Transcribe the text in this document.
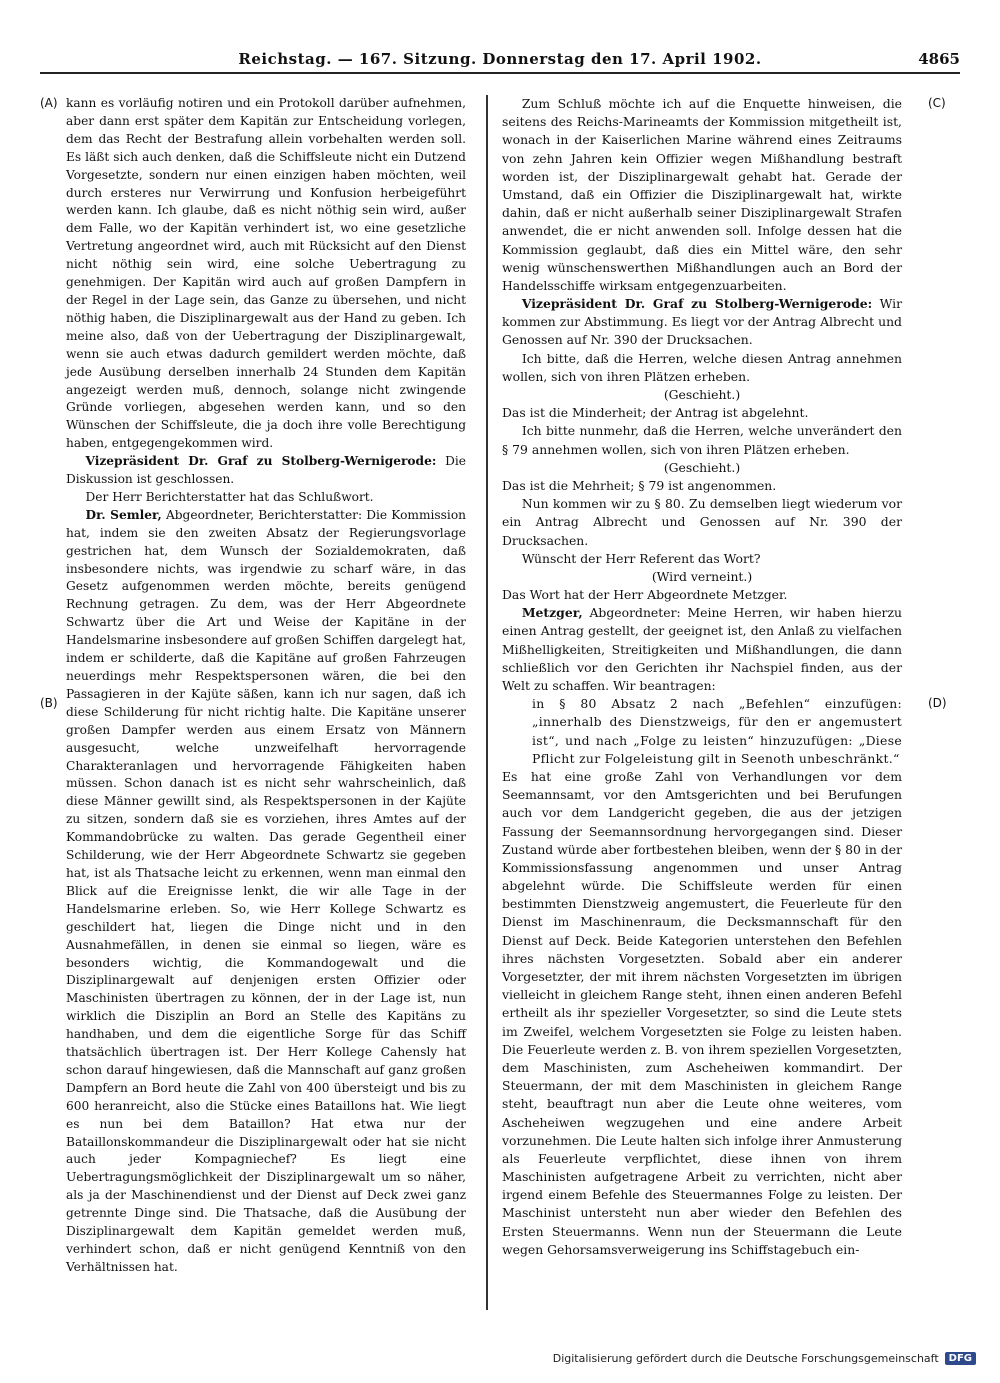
Reichstag. — 167. Sitzung. Donnerstag den 17. April 1902.	4865
(A)
(B)
(C)
(D)

kann es vorläufig notiren und ein Protokoll darüber aufnehmen, aber dann erst später dem Kapitän zur Entscheidung vorlegen, dem das Recht der Bestrafung allein vorbehalten werden soll. Es läßt sich auch denken, daß die Schiffsleute nicht ein Dutzend Vorgesetzte, sondern nur einen einzigen haben möchten, weil durch ersteres nur Verwirrung und Konfusion herbeigeführt werden kann. Ich glaube, daß es nicht nöthig sein wird, außer dem Falle, wo der Kapitän verhindert ist, wo eine gesetzliche Vertretung angeordnet wird, auch mit Rücksicht auf den Dienst nicht nöthig sein wird, eine solche Uebertragung zu genehmigen. Der Kapitän wird auch auf großen Dampfern in der Regel in der Lage sein, das Ganze zu übersehen, und nicht nöthig haben, die Disziplinargewalt aus der Hand zu geben. Ich meine also, daß von der Uebertragung der Disziplinargewalt, wenn sie auch etwas dadurch gemildert werden möchte, daß jede Ausübung derselben innerhalb 24 Stunden dem Kapitän angezeigt werden muß, dennoch, solange nicht zwingende Gründe vorliegen, abgesehen werden kann, und so den Wünschen der Schiffsleute, die ja doch ihre volle Berechtigung haben, entgegengekommen wird.

Vizepräsident Dr. Graf zu Stolberg-Wernigerode: Die Diskussion ist geschlossen.

Der Herr Berichterstatter hat das Schlußwort.

Dr. Semler, Abgeordneter, Berichterstatter: Die Kommission hat, indem sie den zweiten Absatz der Regierungsvorlage gestrichen hat, dem Wunsch der Sozialdemokraten, daß insbesondere nichts, was irgendwie zu scharf wäre, in das Gesetz aufgenommen werden möchte, bereits genügend Rechnung getragen. Zu dem, was der Herr Abgeordnete Schwartz über die Art und Weise der Kapitäne in der Handelsmarine insbesondere auf großen Schiffen dargelegt hat, indem er schilderte, daß die Kapitäne auf großen Fahrzeugen neuerdings mehr Respektspersonen wären, die bei den Passagieren in der Kajüte säßen, kann ich nur sagen, daß ich diese Schilderung für nicht richtig halte. Die Kapitäne unserer großen Dampfer werden aus einem Ersatz von Männern ausgesucht, welche unzweifelhaft hervorragende Charakteranlagen und hervorragende Fähigkeiten haben müssen. Schon danach ist es nicht sehr wahrscheinlich, daß diese Männer gewillt sind, als Respektspersonen in der Kajüte zu sitzen, sondern daß sie es vorziehen, ihres Amtes auf der Kommandobrücke zu walten. Das gerade Gegentheil einer Schilderung, wie der Herr Abgeordnete Schwartz sie gegeben hat, ist als Thatsache leicht zu erkennen, wenn man einmal den Blick auf die Ereignisse lenkt, die wir alle Tage in der Handelsmarine erleben. So, wie Herr Kollege Schwartz es geschildert hat, liegen die Dinge nicht und in den Ausnahmefällen, in denen sie einmal so liegen, wäre es besonders wichtig, die Kommandogewalt und die Disziplinargewalt auf denjenigen ersten Offizier oder Maschinisten übertragen zu können, der in der Lage ist, nun wirklich die Disziplin an Bord an Stelle des Kapitäns zu handhaben, und dem die eigentliche Sorge für das Schiff thatsächlich übertragen ist. Der Herr Kollege Cahensly hat schon darauf hingewiesen, daß die Mannschaft auf ganz großen Dampfern an Bord heute die Zahl von 400 übersteigt und bis zu 600 heranreicht, also die Stücke eines Bataillons hat. Wie liegt es nun bei dem Bataillon? Hat etwa nur der Bataillonskommandeur die Disziplinargewalt oder hat sie nicht auch jeder Kompagniechef? Es liegt eine Uebertragungsmöglichkeit der Disziplinargewalt um so näher, als ja der Maschinendienst und der Dienst auf Deck zwei ganz getrennte Dinge sind. Die Thatsache, daß die Ausübung der Disziplinargewalt dem Kapitän gemeldet werden muß, verhindert schon, daß er nicht genügend Kenntniß von den Verhältnissen hat.

Zum Schluß möchte ich auf die Enquette hinweisen, die seitens des Reichs-Marineamts der Kommission mitgetheilt ist, wonach in der Kaiserlichen Marine während eines Zeitraums von zehn Jahren kein Offizier wegen Mißhandlung bestraft worden ist, der Disziplinargewalt gehabt hat. Gerade der Umstand, daß ein Offizier die Disziplinargewalt hat, wirkte dahin, daß er nicht außerhalb seiner Disziplinargewalt Strafen anwendet, die er nicht anwenden soll. Infolge dessen hat die Kommission geglaubt, daß dies ein Mittel wäre, den sehr wenig wünschenswerthen Mißhandlungen auch an Bord der Handelsschiffe wirksam entgegenzuarbeiten.

Vizepräsident Dr. Graf zu Stolberg-Wernigerode: Wir kommen zur Abstimmung. Es liegt vor der Antrag Albrecht und Genossen auf Nr. 390 der Drucksachen.

Ich bitte, daß die Herren, welche diesen Antrag annehmen wollen, sich von ihren Plätzen erheben.

(Geschieht.)

Das ist die Minderheit; der Antrag ist abgelehnt.

Ich bitte nunmehr, daß die Herren, welche unverändert den § 79 annehmen wollen, sich von ihren Plätzen erheben.

(Geschieht.)

Das ist die Mehrheit; § 79 ist angenommen.

Nun kommen wir zu § 80. Zu demselben liegt wiederum vor ein Antrag Albrecht und Genossen auf Nr. 390 der Drucksachen.

Wünscht der Herr Referent das Wort?

(Wird verneint.)

Das Wort hat der Herr Abgeordnete Metzger.

Metzger, Abgeordneter: Meine Herren, wir haben hierzu einen Antrag gestellt, der geeignet ist, den Anlaß zu vielfachen Mißhelligkeiten, Streitigkeiten und Mißhandlungen, die dann schließlich vor den Gerichten ihr Nachspiel finden, aus der Welt zu schaffen. Wir beantragen:

in § 80 Absatz 2 nach „Befehlen“ einzufügen: „innerhalb des Dienstzweigs, für den er angemustert ist“, und nach „Folge zu leisten“ hinzuzufügen: „Diese Pflicht zur Folgeleistung gilt in Seenoth unbeschränkt.“

Es hat eine große Zahl von Verhandlungen vor dem Seemannsamt, vor den Amtsgerichten und bei Berufungen auch vor dem Landgericht gegeben, die aus der jetzigen Fassung der Seemannsordnung hervorgegangen sind. Dieser Zustand würde aber fortbestehen bleiben, wenn der § 80 in der Kommissionsfassung angenommen und unser Antrag abgelehnt würde. Die Schiffsleute werden für einen bestimmten Dienstzweig angemustert, die Feuerleute für den Dienst im Maschinenraum, die Decksmannschaft für den Dienst auf Deck. Beide Kategorien unterstehen den Befehlen ihres nächsten Vorgesetzten. Sobald aber ein anderer Vorgesetzter, der mit ihrem nächsten Vorgesetzten im übrigen vielleicht in gleichem Range steht, ihnen einen anderen Befehl ertheilt als ihr spezieller Vorgesetzter, so sind die Leute stets im Zweifel, welchem Vorgesetzten sie Folge zu leisten haben. Die Feuerleute werden z. B. von ihrem speziellen Vorgesetzten, dem Maschinisten, zum Ascheheiwen kommandirt. Der Steuermann, der mit dem Maschinisten in gleichem Range steht, beauftragt nun aber die Leute ohne weiteres, vom Ascheheiwen wegzugehen und eine andere Arbeit vorzunehmen. Die Leute halten sich infolge ihrer Anmusterung als Feuerleute verpflichtet, diese ihnen von ihrem Maschinisten aufgetragene Arbeit zu verrichten, nicht aber irgend einem Befehle des Steuermannes Folge zu leisten. Der Maschinist untersteht nun aber wieder den Befehlen des Ersten Steuermanns. Wenn nun der Steuermann die Leute wegen Gehorsamsverweigerung ins Schiffstagebuch ein-

Digitalisierung gefördert durch die Deutsche Forschungsgemeinschaft	DFG
